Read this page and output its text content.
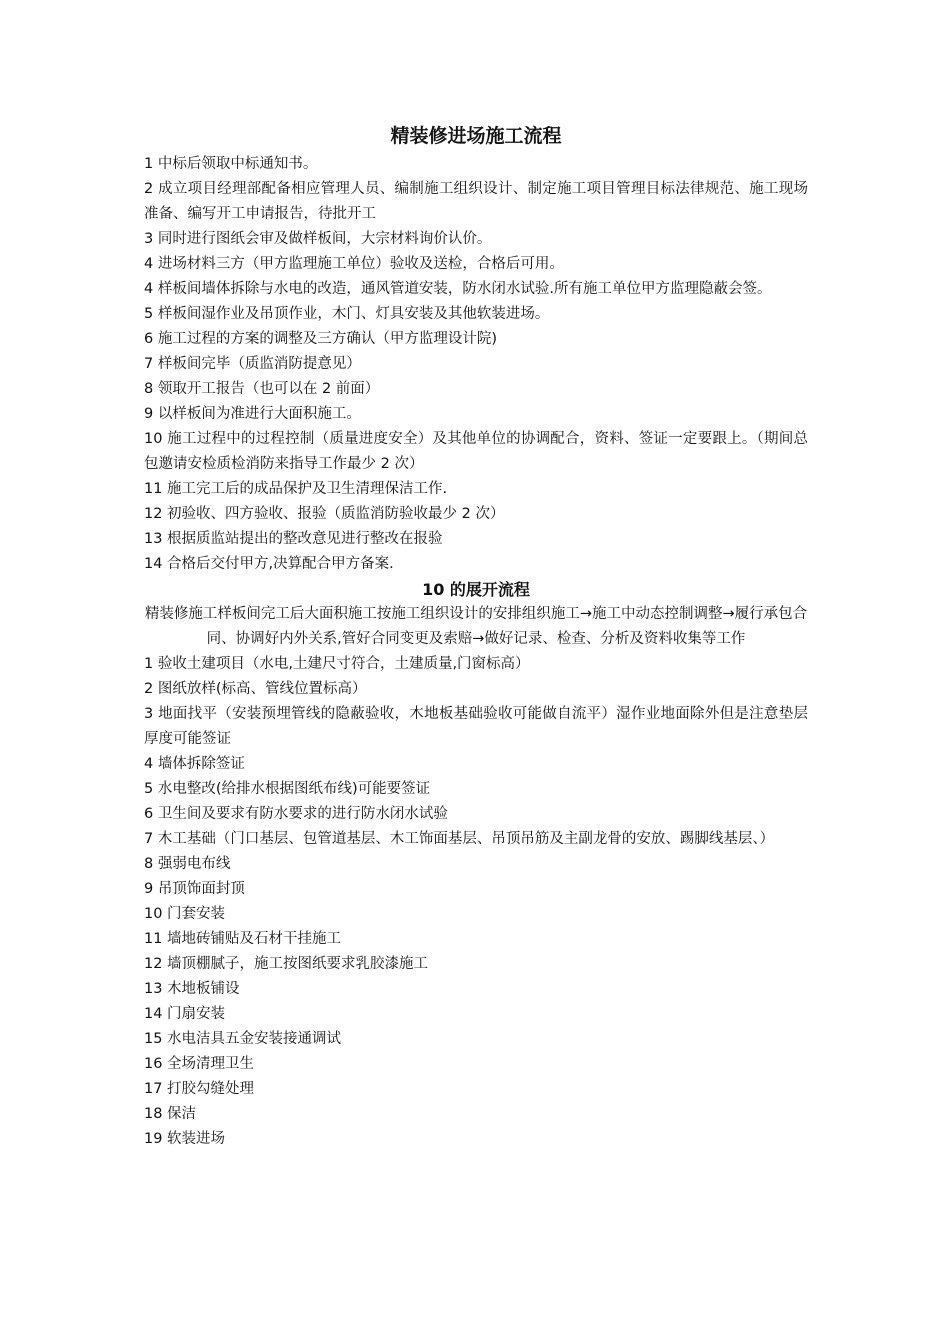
精装修进场施工流程

1 中标后领取中标通知书。

2 成立项目经理部配备相应管理人员、编制施工组织设计、制定施工项目管理目标法律规范、施工现场准备、编写开工申请报告，待批开工

3 同时进行图纸会审及做样板间，大宗材料询价认价。

4 进场材料三方（甲方监理施工单位）验收及送检，合格后可用。

4 样板间墙体拆除与水电的改造，通风管道安装，防水闭水试验.所有施工单位甲方监理隐蔽会签。

5 样板间湿作业及吊顶作业，木门、灯具安装及其他软装进场。

6 施工过程的方案的调整及三方确认（甲方监理设计院)

7 样板间完毕（质监消防提意见）

8 领取开工报告（也可以在 2 前面）

9 以样板间为准进行大面积施工。

10 施工过程中的过程控制（质量进度安全）及其他单位的协调配合，资料、签证一定要跟上。（期间总包邀请安检质检消防来指导工作最少 2 次）

11 施工完工后的成品保护及卫生清理保洁工作.

12 初验收、四方验收、报验（质监消防验收最少 2 次）

13 根据质监站提出的整改意见进行整改在报验

14 合格后交付甲方,决算配合甲方备案.

10 的展开流程

精装修施工样板间完工后大面积施工按施工组织设计的安排组织施工→施工中动态控制调整→履行承包合同、协调好内外关系,管好合同变更及索赔→做好记录、检查、分析及资料收集等工作

1 验收土建项目（水电,土建尺寸符合，土建质量,门窗标高）

2 图纸放样(标高、管线位置标高）

3 地面找平（安装预埋管线的隐蔽验收，木地板基础验收可能做自流平）湿作业地面除外但是注意垫层厚度可能签证

4 墙体拆除签证

5 水电整改(给排水根据图纸布线)可能要签证

6 卫生间及要求有防水要求的进行防水闭水试验

7 木工基础（门口基层、包管道基层、木工饰面基层、吊顶吊筋及主副龙骨的安放、踢脚线基层、）

8 强弱电布线

9 吊顶饰面封顶

10 门套安装

11 墙地砖铺贴及石材干挂施工

12 墙顶棚腻子，施工按图纸要求乳胶漆施工

13 木地板铺设

14 门扇安装

15 水电洁具五金安装接通调试

16 全场清理卫生

17 打胶勾缝处理

18 保洁

19 软装进场
